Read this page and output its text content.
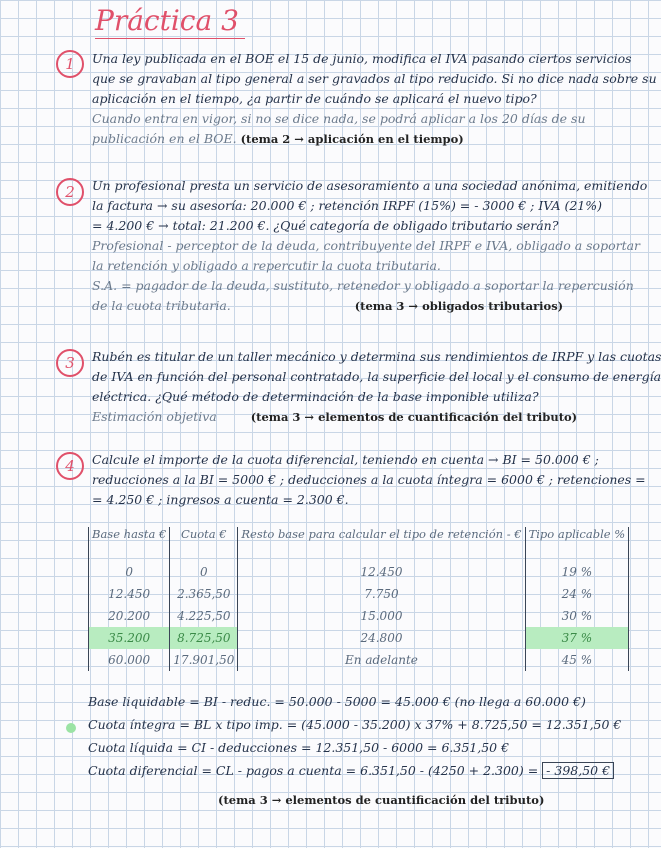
Práctica 3
1	Una ley publicada en el BOE el 15 de junio, modifica el IVA pasando ciertos servicios
que se gravaban al tipo general a ser gravados al tipo reducido. Si no dice nada sobre su
aplicación en el tiempo, ¿a partir de cuándo se aplicará el nuevo tipo?
Cuando entra en vigor, si no se dice nada, se podrá aplicar a los 20 días de su
publicación en el BOE. (tema 2 → aplicación en el tiempo)
2	Un profesional presta un servicio de asesoramiento a una sociedad anónima, emitiendo
la factura → su asesoría: 20.000 € ; retención IRPF (15%) = - 3000 € ; IVA (21%)
= 4.200 € → total: 21.200 €. ¿Qué categoría de obligado tributario serán?
Profesional - perceptor de la deuda, contribuyente del IRPF e IVA, obligado a soportar
la retención y obligado a repercutir la cuota tributaria.
S.A. = pagador de la deuda, sustituto, retenedor y obligado a soportar la repercusión
de la cuota tributaria.	(tema 3 → obligados tributarios)
3	Rubén es titular de un taller mecánico y determina sus rendimientos de IRPF y las cuotas
de IVA en función del personal contratado, la superficie del local y el consumo de energía
eléctrica. ¿Qué método de determinación de la base imponible utiliza?
Estimación objetiva	(tema 3 → elementos de cuantificación del tributo)
4	Calcule el importe de la cuota diferencial, teniendo en cuenta → BI = 50.000 € ;
reducciones a la BI = 5000 € ; deducciones a la cuota íntegra = 6000 € ; retenciones =
= 4.250 € ; ingresos a cuenta = 2.300 €.
Base hasta €	Cuota €	Resto base para calcular el tipo de retención - €	Tipo aplicable %
0	0	12.450	19 %
12.450	2.365,50	7.750	24 %
20.200	4.225,50	15.000	30 %
35.200	8.725,50	24.800	37 %
60.000	17.901,50	En adelante	45 %
Base liquidable = BI - reduc. = 50.000 - 5000 = 45.000 € (no llega a 60.000 €)
Cuota íntegra = BL x tipo imp. = (45.000 - 35.200) x 37% + 8.725,50 = 12.351,50 €
Cuota líquida = CI - deducciones = 12.351,50 - 6000 = 6.351,50 €
Cuota diferencial = CL - pagos a cuenta = 6.351,50 - (4250 + 2.300) = - 398,50 €
(tema 3 → elementos de cuantificación del tributo)
